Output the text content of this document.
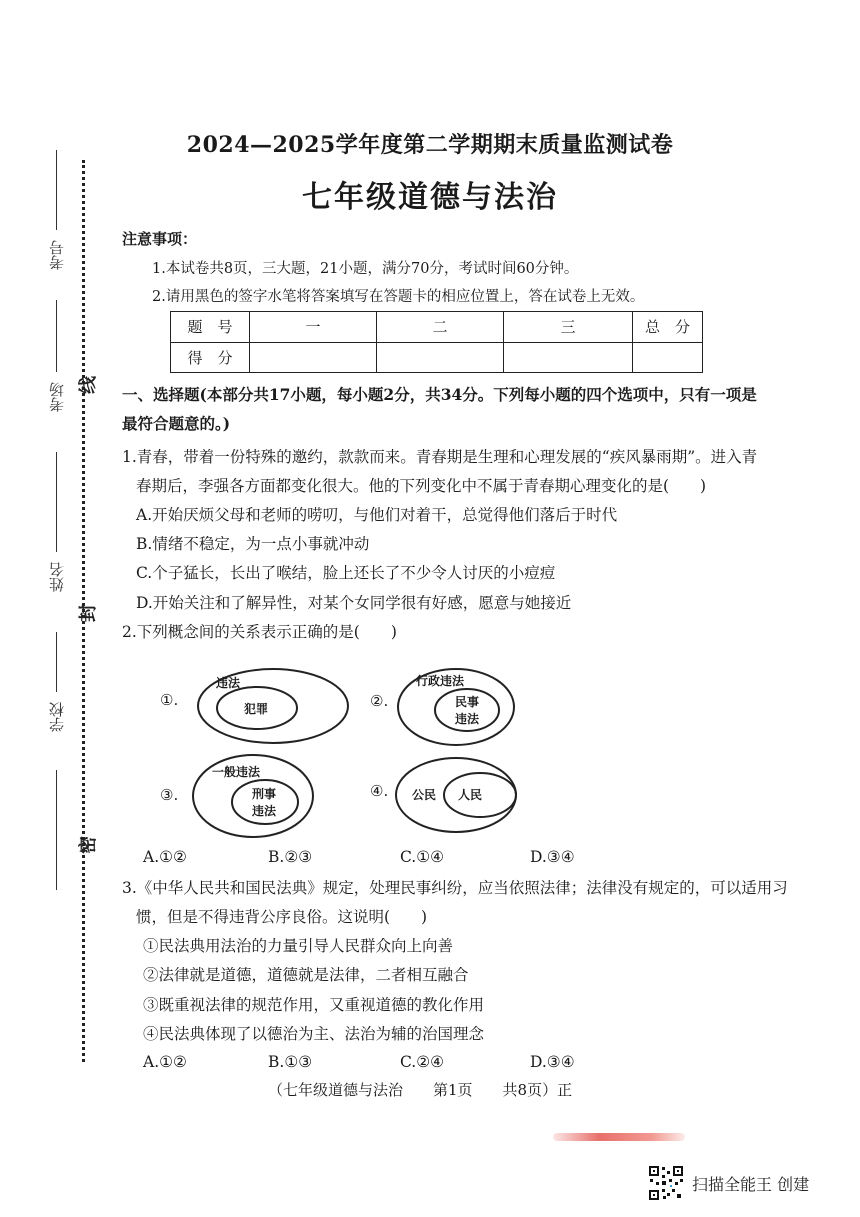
考号
考场
姓名
学校
线
封
密
2024—2025学年度第二学期期末质量监测试卷
七年级道德与法治
注意事项：
1.本试卷共8页，三大题，21小题，满分70分，考试时间60分钟。
2.请用黑色的签字水笔将答案填写在答题卡的相应位置上，答在试卷上无效。
题　号	一	二	三	总　分
得　分				
一、选择题(本部分共17小题，每小题2分，共34分。下列每小题的四个选项中，只有一项是
最符合题意的。)
1.青春，带着一份特殊的邀约，款款而来。青春期是生理和心理发展的“疾风暴雨期”。进入青
春期后，李强各方面都变化很大。他的下列变化中不属于青春期心理变化的是(　　)
A.开始厌烦父母和老师的唠叨，与他们对着干，总觉得他们落后于时代
B.情绪不稳定，为一点小事就冲动
C.个子猛长，长出了喉结，脸上还长了不少令人讨厌的小痘痘
D.开始关注和了解异性，对某个女同学很有好感，愿意与她接近
2.下列概念间的关系表示正确的是(　　)
①.
违法
犯罪	②.
行政违法
民事
违法
③.
一般违法
刑事
违法
④. 公民 人民
A.①②	B.②③	C.①④	D.③④
3.《中华人民共和国民法典》规定，处理民事纠纷，应当依照法律；法律没有规定的，可以适用习
惯，但是不得违背公序良俗。这说明(　　)
①民法典用法治的力量引导人民群众向上向善
②法律就是道德，道德就是法律，二者相互融合
③既重视法律的规范作用，又重视道德的教化作用
④民法典体现了以德治为主、法治为辅的治国理念
A.①②	B.①③	C.②④	D.③④
（七年级道德与法治　　第1页　　共8页）正
扫描全能王 创建
